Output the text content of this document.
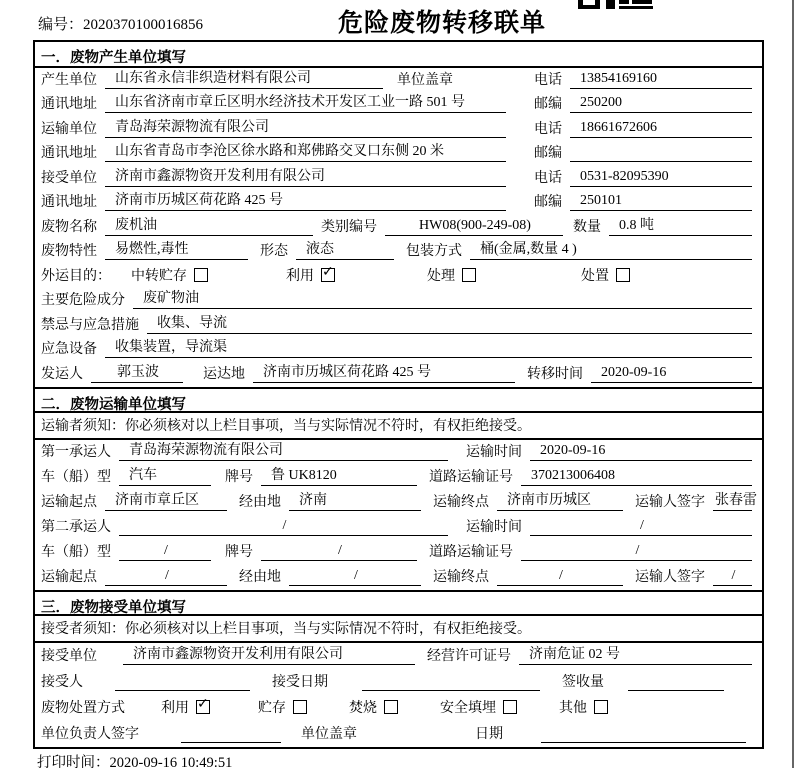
编号：2020370100016856	危险废物转移联单
一．废物产生单位填写
产生单位	山东省永信非织造材料有限公司	单位盖章	电话	13854169160
通讯地址	山东省济南市章丘区明水经济技术开发区工业一路 501 号	邮编	250200
运输单位	青岛海荣源物流有限公司	电话	18661672606
通讯地址	山东省青岛市李沧区徐水路和郑佛路交叉口东侧 20 米	邮编
接受单位	济南市鑫源物资开发利用有限公司	电话	0531-82095390
通讯地址	济南市历城区荷花路 425 号	邮编	250101
废物名称	废机油	类别编号	HW08(900-249-08)	数量	0.8 吨
废物特性	易燃性,毒性	形态	液态	包装方式	桶(金属,数量 4 )
外运目的：	中转贮存	利用 ✓	处理	处置
主要危险成分	废矿物油
禁忌与应急措施	收集、导流
应急设备	收集装置，导流渠
发运人	郭玉波	运达地	济南市历城区荷花路 425 号	转移时间	2020-09-16
二．废物运输单位填写
运输者须知：你必须核对以上栏目事项，当与实际情况不符时，有权拒绝接受。
第一承运人	青岛海荣源物流有限公司	运输时间	2020-09-16
车（船）型	汽车	牌号	鲁 UK8120	道路运输证号	370213006408
运输起点	济南市章丘区	经由地	济南	运输终点	济南市历城区	运输人签字 张春雷
第二承运人	/	运输时间	/
车（船）型	/	牌号	/	道路运输证号	/
运输起点	/	经由地	/	运输终点	/	运输人签字	/
三．废物接受单位填写
接受者须知：你必须核对以上栏目事项，当与实际情况不符时，有权拒绝接受。
接受单位	济南市鑫源物资开发利用有限公司	经营许可证号	济南危证 02 号
接受人	接受日期	签收量
废物处置方式	利用 ✓	贮存	焚烧	安全填埋	其他
单位负责人签字	单位盖章	日期
打印时间：2020-09-16 10:49:51
